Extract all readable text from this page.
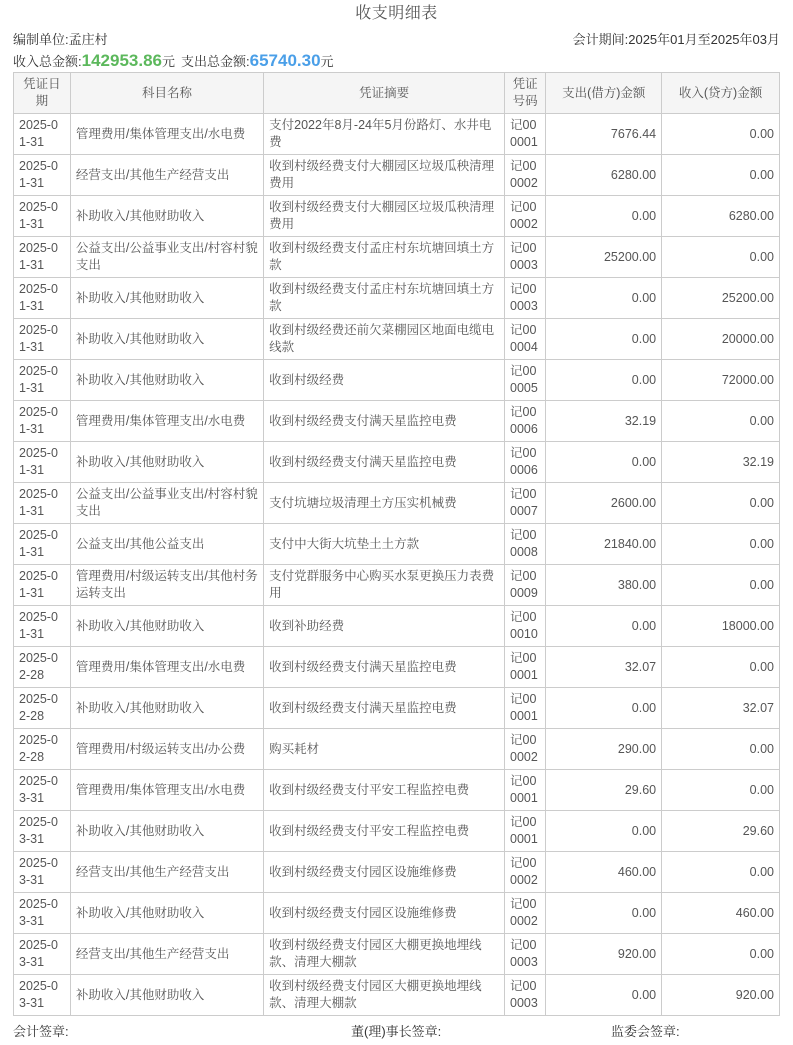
收支明细表
编制单位:孟庄村	会计期间:2025年01月至2025年03月
收入总金额:142953.86元 支出总金额:65740.30元
凭证日期	科目名称	凭证摘要	凭证号码	支出(借方)金额	收入(贷方)金额
2025-01-31	管理费用/集体管理支出/水电费	支付2022年8月-24年5月份路灯、水井电费	记000001	7676.44	0.00
2025-01-31	经营支出/其他生产经营支出	收到村级经费支付大棚园区垃圾瓜秧清理费用	记000002	6280.00	0.00
2025-01-31	补助收入/其他财助收入	收到村级经费支付大棚园区垃圾瓜秧清理费用	记000002	0.00	6280.00
2025-01-31	公益支出/公益事业支出/村容村貌支出	收到村级经费支付孟庄村东坑塘回填土方款	记000003	25200.00	0.00
2025-01-31	补助收入/其他财助收入	收到村级经费支付孟庄村东坑塘回填土方款	记000003	0.00	25200.00
2025-01-31	补助收入/其他财助收入	收到村级经费还前欠菜棚园区地面电缆电线款	记000004	0.00	20000.00
2025-01-31	补助收入/其他财助收入	收到村级经费	记000005	0.00	72000.00
2025-01-31	管理费用/集体管理支出/水电费	收到村级经费支付满天星监控电费	记000006	32.19	0.00
2025-01-31	补助收入/其他财助收入	收到村级经费支付满天星监控电费	记000006	0.00	32.19
2025-01-31	公益支出/公益事业支出/村容村貌支出	支付坑塘垃圾清理土方压实机械费	记000007	2600.00	0.00
2025-01-31	公益支出/其他公益支出	支付中大街大坑垫土土方款	记000008	21840.00	0.00
2025-01-31	管理费用/村级运转支出/其他村务运转支出	支付党群服务中心购买水泵更换压力表费用	记000009	380.00	0.00
2025-01-31	补助收入/其他财助收入	收到补助经费	记000010	0.00	18000.00
2025-02-28	管理费用/集体管理支出/水电费	收到村级经费支付满天星监控电费	记000001	32.07	0.00
2025-02-28	补助收入/其他财助收入	收到村级经费支付满天星监控电费	记000001	0.00	32.07
2025-02-28	管理费用/村级运转支出/办公费	购买耗材	记000002	290.00	0.00
2025-03-31	管理费用/集体管理支出/水电费	收到村级经费支付平安工程监控电费	记000001	29.60	0.00
2025-03-31	补助收入/其他财助收入	收到村级经费支付平安工程监控电费	记000001	0.00	29.60
2025-03-31	经营支出/其他生产经营支出	收到村级经费支付园区设施维修费	记000002	460.00	0.00
2025-03-31	补助收入/其他财助收入	收到村级经费支付园区设施维修费	记000002	0.00	460.00
2025-03-31	经营支出/其他生产经营支出	收到村级经费支付园区大棚更换地埋线款、清理大棚款	记000003	920.00	0.00
2025-03-31	补助收入/其他财助收入	收到村级经费支付园区大棚更换地埋线款、清理大棚款	记000003	0.00	920.00
会计签章:	董(理)事长签章:	监委会签章:
